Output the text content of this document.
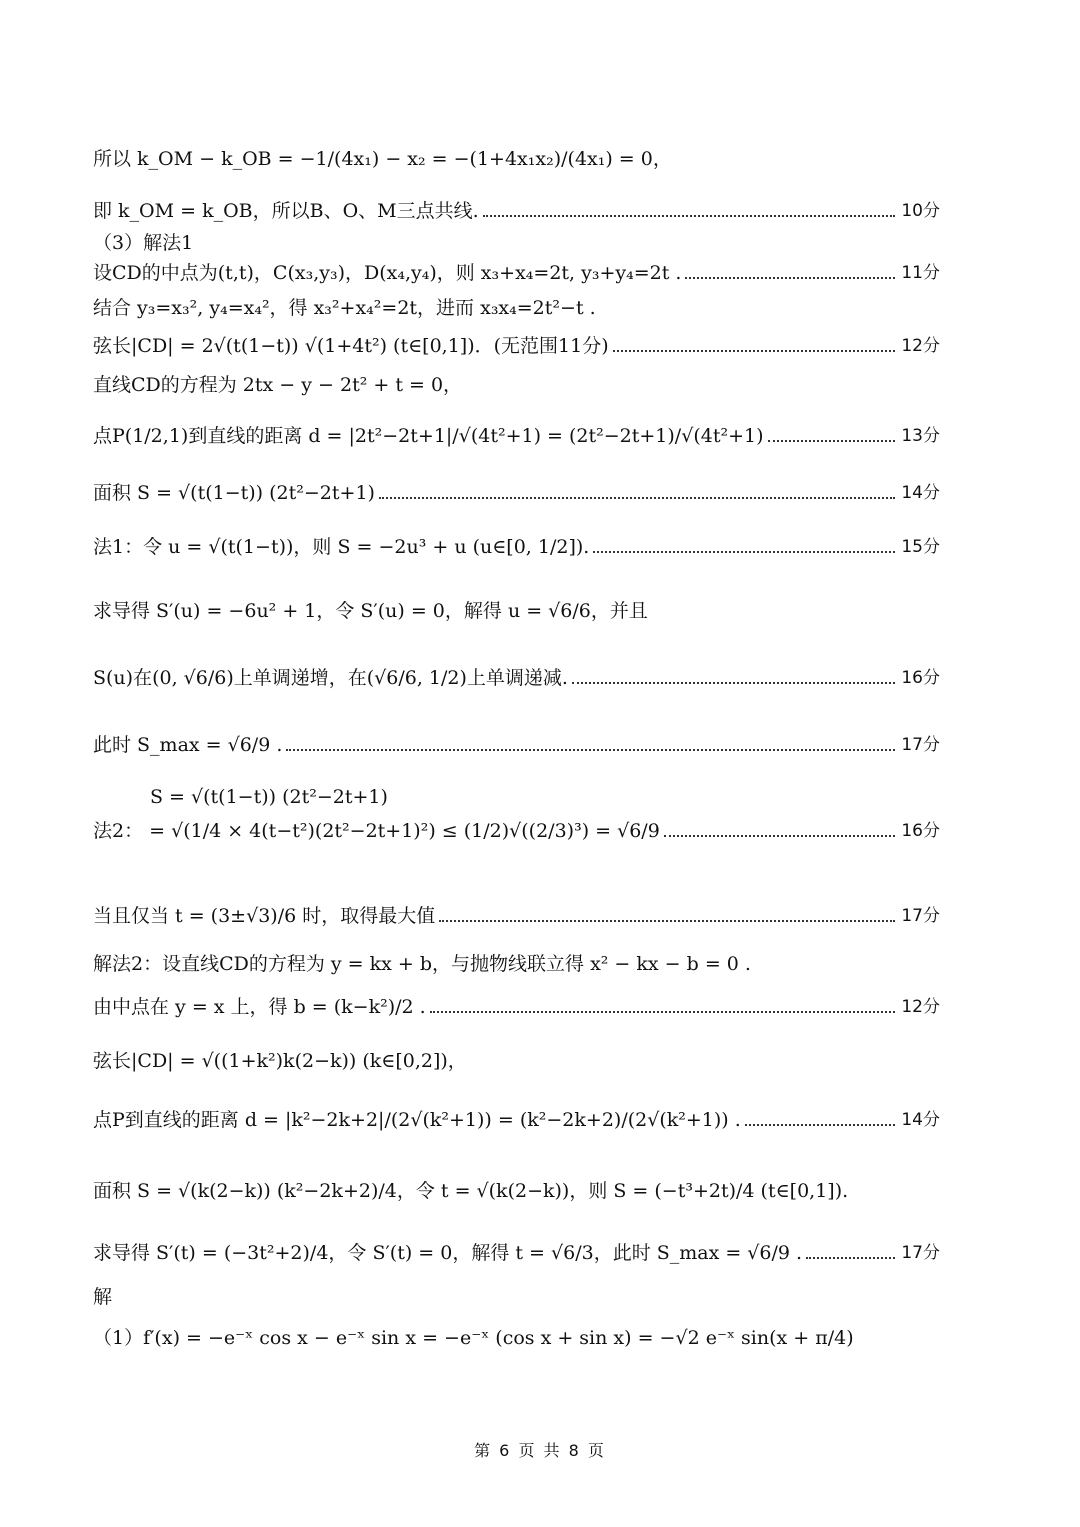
所以 k_OM − k_OB = −1/(4x₁) − x₂ = −(1+4x₁x₂)/(4x₁) = 0，
即 k_OM = k_OB，所以B、O、M三点共线.	10分
（3）解法1
设CD的中点为(t,t)，C(x₃,y₃)，D(x₄,y₄)，则 x₃+x₄=2t, y₃+y₄=2t .	11分
结合 y₃=x₃², y₄=x₄²，得 x₃²+x₄²=2t，进而 x₃x₄=2t²−t .
弦长|CD| = 2√(t(1−t)) √(1+4t²) (t∈[0,1])．(无范围11分)	12分
直线CD的方程为 2tx − y − 2t² + t = 0，
点P(1/2,1)到直线的距离 d = |2t²−2t+1|/√(4t²+1) = (2t²−2t+1)/√(4t²+1)	13分
面积 S = √(t(1−t)) (2t²−2t+1)	14分
法1：令 u = √(t(1−t))，则 S = −2u³ + u (u∈[0, 1/2]).	15分
求导得 S′(u) = −6u² + 1，令 S′(u) = 0，解得 u = √6/6，并且
S(u)在(0, √6/6)上单调递增，在(√6/6, 1/2)上单调递减.	16分
此时 S_max = √6/9 .	17分
S = √(t(1−t)) (2t²−2t+1)
法2： = √(1/4 × 4(t−t²)(2t²−2t+1)²) ≤ (1/2)√((2/3)³) = √6/9	16分
当且仅当 t = (3±√3)/6 时，取得最大值	17分
解法2：设直线CD的方程为 y = kx + b，与抛物线联立得 x² − kx − b = 0 .
由中点在 y = x 上，得 b = (k−k²)/2 .	12分
弦长|CD| = √((1+k²)k(2−k)) (k∈[0,2])，
点P到直线的距离 d = |k²−2k+2|/(2√(k²+1)) = (k²−2k+2)/(2√(k²+1)) .	14分
面积 S = √(k(2−k)) (k²−2k+2)/4，令 t = √(k(2−k))，则 S = (−t³+2t)/4 (t∈[0,1]).
求导得 S′(t) = (−3t²+2)/4，令 S′(t) = 0，解得 t = √6/3，此时 S_max = √6/9 .	17分
解
（1）f′(x) = −e⁻ˣ cos x − e⁻ˣ sin x = −e⁻ˣ (cos x + sin x) = −√2 e⁻ˣ sin(x + π/4)
第 6 页 共 8 页
